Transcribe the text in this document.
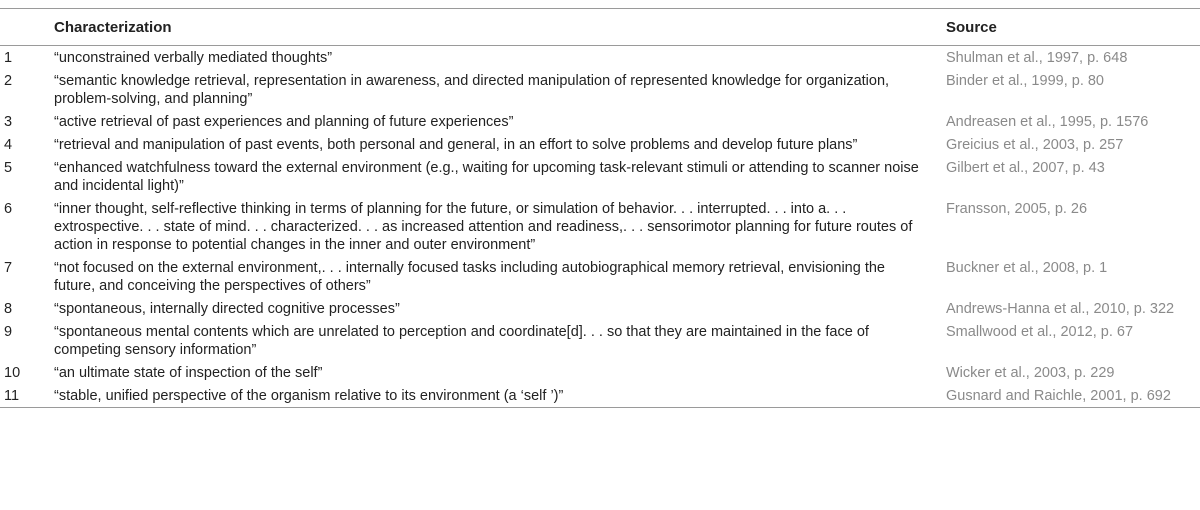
	Characterization	Source
1	“unconstrained verbally mediated thoughts”	Shulman et al., 1997, p. 648
2	“semantic knowledge retrieval, representation in awareness, and directed manipulation of represented knowledge for organization, problem-solving, and planning”	Binder et al., 1999, p. 80
3	“active retrieval of past experiences and planning of future experiences”	Andreasen et al., 1995, p. 1576
4	“retrieval and manipulation of past events, both personal and general, in an effort to solve problems and develop future plans”	Greicius et al., 2003, p. 257
5	“enhanced watchfulness toward the external environment (e.g., waiting for upcoming task-relevant stimuli or attending to scanner noise and incidental light)”	Gilbert et al., 2007, p. 43
6	“inner thought, self-reflective thinking in terms of planning for the future, or simulation of behavior. . . interrupted. . . into a. . . extrospective. . . state of mind. . . characterized. . . as increased attention and readiness,. . . sensorimotor planning for future routes of action in response to potential changes in the inner and outer environment”	Fransson, 2005, p. 26
7	“not focused on the external environment,. . . internally focused tasks including autobiographical memory retrieval, envisioning the future, and conceiving the perspectives of others”	Buckner et al., 2008, p. 1
8	“spontaneous, internally directed cognitive processes”	Andrews-Hanna et al., 2010, p. 322
9	“spontaneous mental contents which are unrelated to perception and coordinate[d]. . . so that they are maintained in the face of competing sensory information”	Smallwood et al., 2012, p. 67
10	“an ultimate state of inspection of the self”	Wicker et al., 2003, p. 229
11	“stable, unified perspective of the organism relative to its environment (a ‘self ’)”	Gusnard and Raichle, 2001, p. 692
